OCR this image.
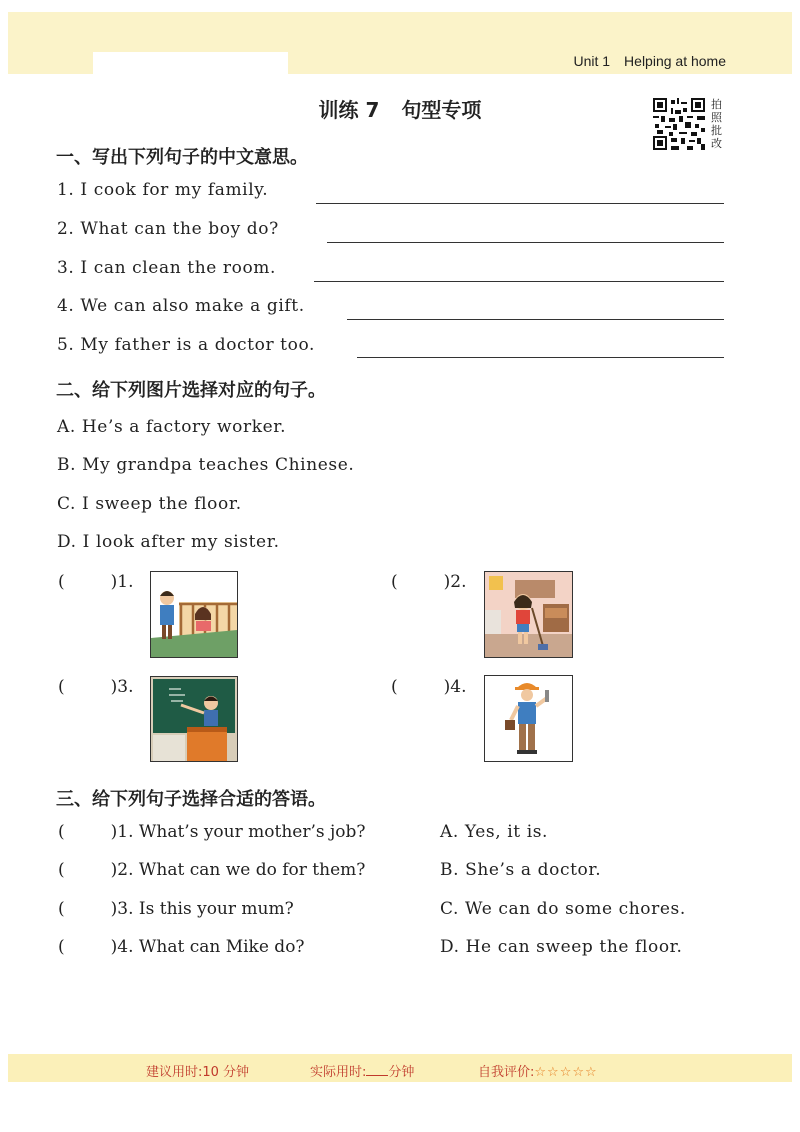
Unit 1 Helping at home
训练 7 句型专项	拍
照
批
改
一、写出下列句子的中文意思。
1. I cook for my family.
2. What can the boy do?
3. I can clean the room.
4. We can also make a gift.
5. My father is a doctor too.
二、给下列图片选择对应的句子。
A. He’s a factory worker.
B. My grandpa teaches Chinese.
C. I sweep the floor.
D. I look after my sister.
(	)1.	(	)2.
(	)3.	(	)4.
三、给下列句子选择合适的答语。
(	)1. What’s your mother’s job?	A. Yes, it is.
(	)2. What can we do for them?	B. She’s a doctor.
(	)3. Is this your mum?	C. We can do some chores.
(	)4. What can Mike do?	D. He can sweep the floor.
建议用时:10 分钟	实际用时: 分钟	自我评价:☆☆☆☆☆
